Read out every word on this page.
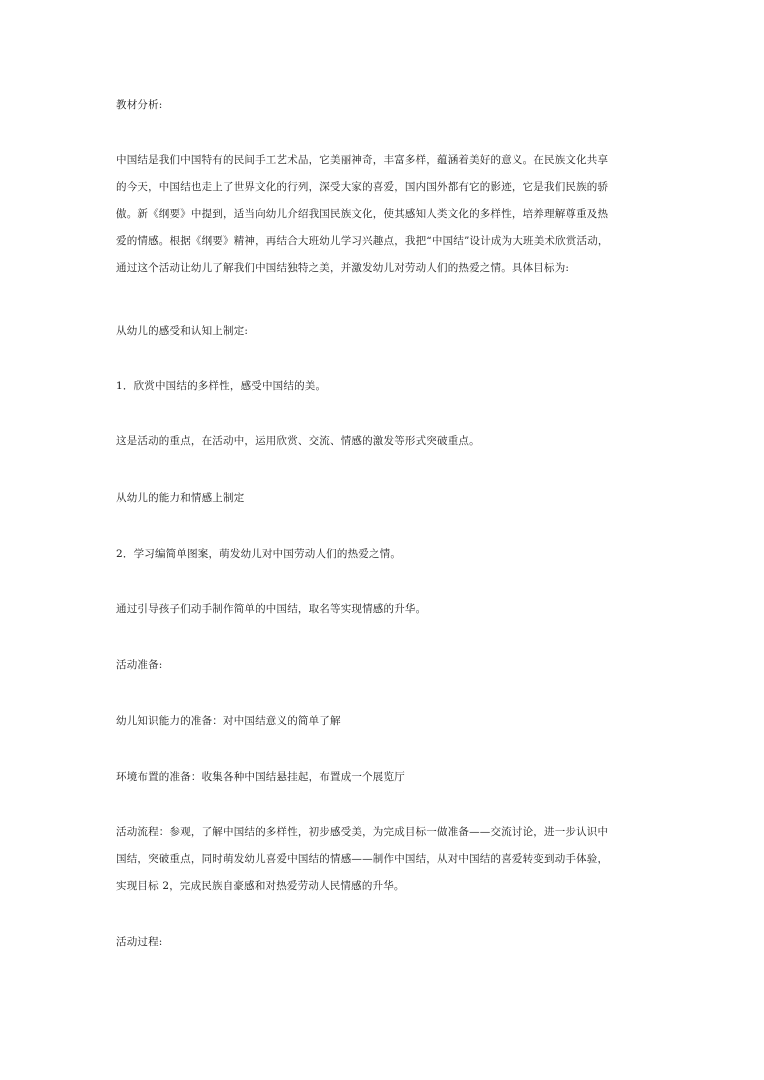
教材分析:
中国结是我们中国特有的民间手工艺术品，它美丽神奇，丰富多样，蕴涵着美好的意义。在民族文化共享
的今天，中国结也走上了世界文化的行列，深受大家的喜爱，国内国外都有它的影迹，它是我们民族的骄
傲。新《纲要》中提到，适当向幼儿介绍我国民族文化，使其感知人类文化的多样性，培养理解尊重及热
爱的情感。根据《纲要》精神，再结合大班幼儿学习兴趣点，我把“中国结”设计成为大班美术欣赏活动，
通过这个活动让幼儿了解我们中国结独特之美，并激发幼儿对劳动人们的热爱之情。具体目标为:
从幼儿的感受和认知上制定:
1．欣赏中国结的多样性，感受中国结的美。
这是活动的重点，在活动中，运用欣赏、交流、情感的激发等形式突破重点。
从幼儿的能力和情感上制定
2．学习编简单图案，萌发幼儿对中国劳动人们的热爱之情。
通过引导孩子们动手制作简单的中国结，取名等实现情感的升华。
活动准备:
幼儿知识能力的准备：对中国结意义的简单了解
环境布置的准备：收集各种中国结悬挂起，布置成一个展览厅
活动流程：参观，了解中国结的多样性，初步感受美，为完成目标一做准备——交流讨论，进一步认识中
国结，突破重点，同时萌发幼儿喜爱中国结的情感——制作中国结，从对中国结的喜爱转变到动手体验，
实现目标 2，完成民族自豪感和对热爱劳动人民情感的升华。
活动过程:
